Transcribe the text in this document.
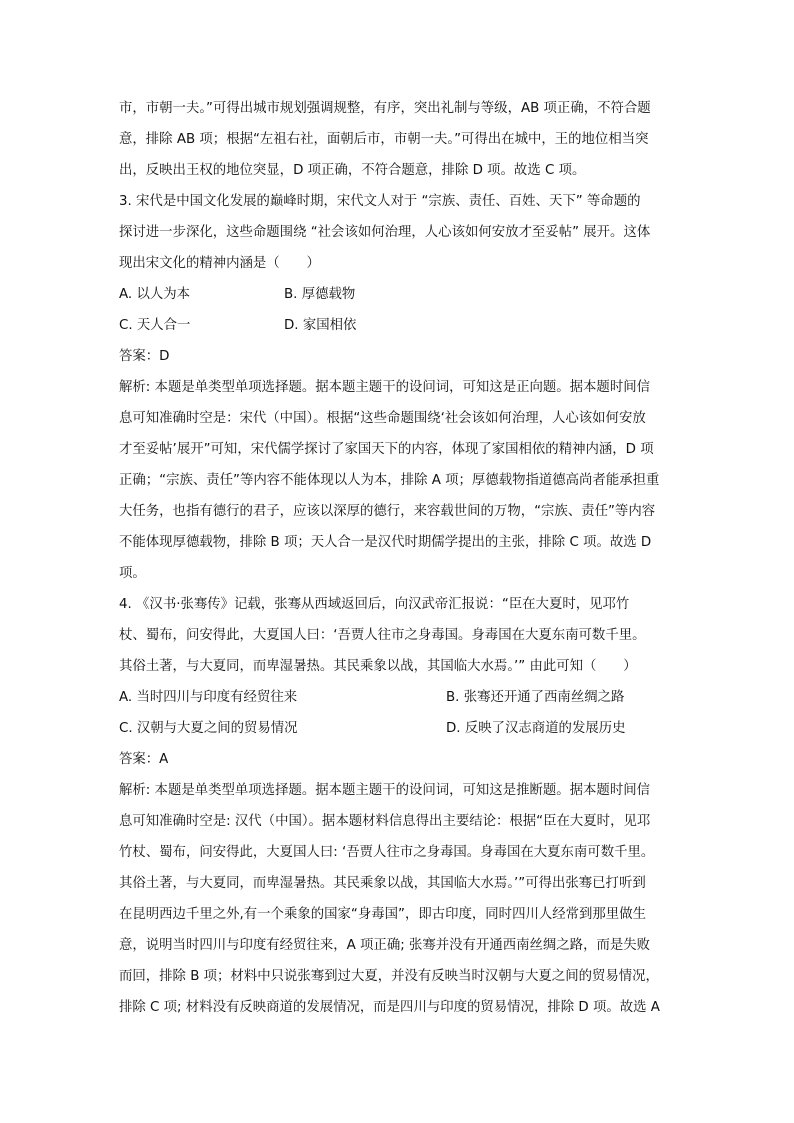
市，市朝一夫。”可得出城市规划强调规整，有序，突出礼制与等级，AB 项正确，不符合题
意，排除 AB 项；根据“左祖右社，面朝后市，市朝一夫。”可得出在城中，王的地位相当突
出，反映出王权的地位突显，D 项正确，不符合题意，排除 D 项。故选 C 项。
3. 宋代是中国文化发展的巅峰时期，宋代文人对于 “宗族、责任、百姓、天下” 等命题的
探讨进一步深化，这些命题围绕 “社会该如何治理，人心该如何安放才至妥帖” 展开。这体
现出宋文化的精神内涵是（　　）
A. 以人为本	B. 厚德载物
C. 天人合一	D. 家国相依
答案：D
解析: 本题是单类型单项选择题。据本题主题干的设问词，可知这是正向题。据本题时间信
息可知准确时空是：宋代（中国）。根据“这些命题围绕‘社会该如何治理，人心该如何安放
才至妥帖’展开”可知，宋代儒学探讨了家国天下的内容，体现了家国相依的精神内涵，D 项
正确；“宗族、责任”等内容不能体现以人为本，排除 A 项；厚德载物指道德高尚者能承担重
大任务，也指有德行的君子，应该以深厚的德行，来容载世间的万物，“宗族、责任”等内容
不能体现厚德载物，排除 B 项；天人合一是汉代时期儒学提出的主张，排除 C 项。故选 D
项。
4. 《汉书·张骞传》记载，张骞从西域返回后，向汉武帝汇报说：“臣在大夏时，见邛竹
杖、蜀布，问安得此，大夏国人曰：‘吾贾人往市之身毒国。身毒国在大夏东南可数千里。
其俗土著，与大夏同，而卑湿暑热。其民乘象以战，其国临大水焉。’” 由此可知（　　）
A. 当时四川与印度有经贸往来	B. 张骞还开通了西南丝绸之路
C. 汉朝与大夏之间的贸易情况	D. 反映了汉志商道的发展历史
答案：A
解析: 本题是单类型单项选择题。据本题主题干的设问词，可知这是推断题。据本题时间信
息可知准确时空是: 汉代（中国）。据本题材料信息得出主要结论：根据“臣在大夏时，见邛
竹杖、蜀布，问安得此，大夏国人曰: ‘吾贾人往市之身毒国。身毒国在大夏东南可数千里。
其俗土著，与大夏同，而卑湿暑热。其民乘象以战，其国临大水焉。’”可得出张骞已打听到
在昆明西边千里之外,有一个乘象的国家“身毒国”，即古印度，同时四川人经常到那里做生
意，说明当时四川与印度有经贸往来，A 项正确; 张骞并没有开通西南丝绸之路，而是失败
而回，排除 B 项；材料中只说张骞到过大夏，并没有反映当时汉朝与大夏之间的贸易情况，
排除 C 项; 材料没有反映商道的发展情况，而是四川与印度的贸易情况，排除 D 项。故选 A
